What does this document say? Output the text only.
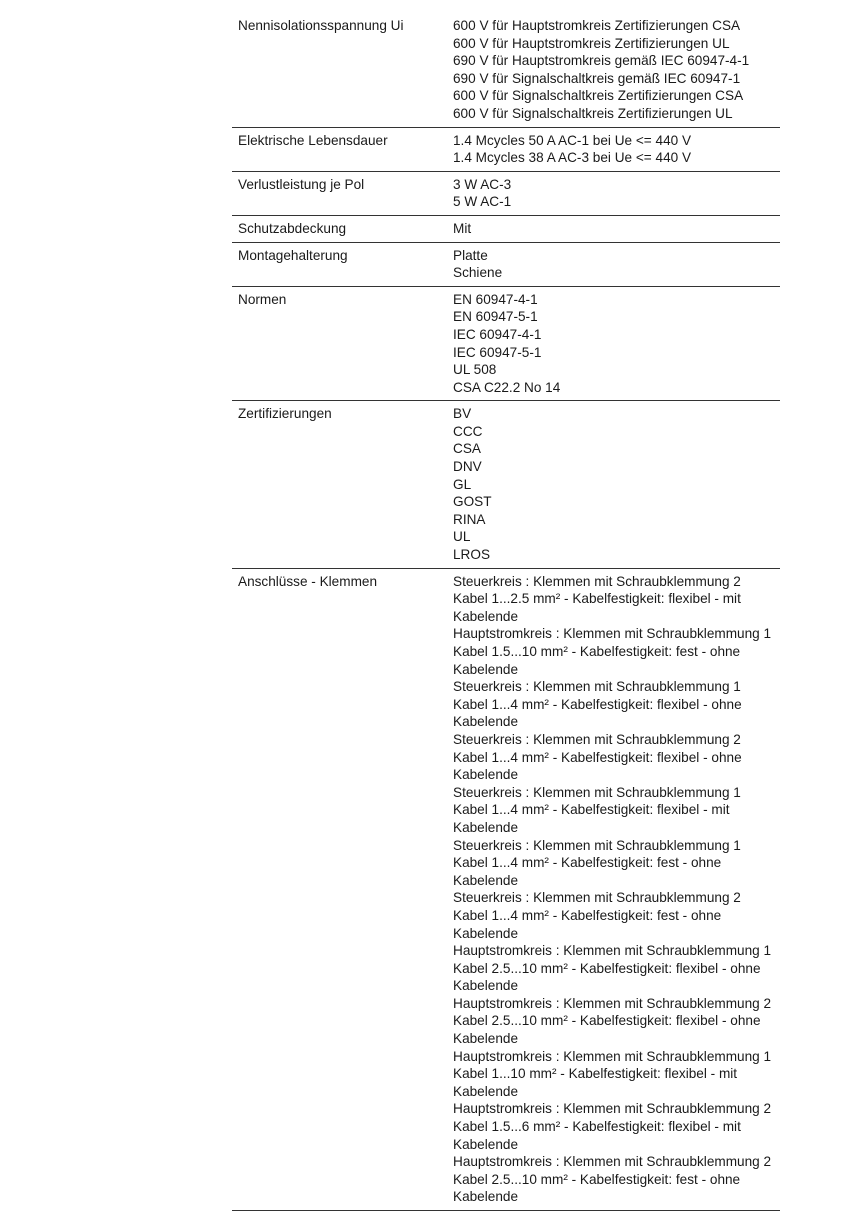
Nennisolationsspannung Ui	600 V für Hauptstromkreis Zertifizierungen CSA
600 V für Hauptstromkreis Zertifizierungen UL
690 V für Hauptstromkreis gemäß IEC 60947-4-1
690 V für Signalschaltkreis gemäß IEC 60947-1
600 V für Signalschaltkreis Zertifizierungen CSA
600 V für Signalschaltkreis Zertifizierungen UL
Elektrische Lebensdauer	1.4 Mcycles 50 A AC-1 bei Ue <= 440 V
1.4 Mcycles 38 A AC-3 bei Ue <= 440 V
Verlustleistung je Pol	3 W AC-3
5 W AC-1
Schutzabdeckung	Mit
Montagehalterung	Platte
Schiene
Normen	EN 60947-4-1
EN 60947-5-1
IEC 60947-4-1
IEC 60947-5-1
UL 508
CSA C22.2 No 14
Zertifizierungen	BV
CCC
CSA
DNV
GL
GOST
RINA
UL
LROS
Anschlüsse - Klemmen	Steuerkreis : Klemmen mit Schraubklemmung 2 Kabel 1...2.5 mm² - Kabelfestigkeit: flexibel - mit Kabelende
Hauptstromkreis : Klemmen mit Schraubklemmung 1 Kabel 1.5...10 mm² - Kabelfestigkeit: fest - ohne Kabelende
Steuerkreis : Klemmen mit Schraubklemmung 1 Kabel 1...4 mm² - Kabelfestigkeit: flexibel - ohne Kabelende
Steuerkreis : Klemmen mit Schraubklemmung 2 Kabel 1...4 mm² - Kabelfestigkeit: flexibel - ohne Kabelende
Steuerkreis : Klemmen mit Schraubklemmung 1 Kabel 1...4 mm² - Kabelfestigkeit: flexibel - mit Kabelende
Steuerkreis : Klemmen mit Schraubklemmung 1 Kabel 1...4 mm² - Kabelfestigkeit: fest - ohne Kabelende
Steuerkreis : Klemmen mit Schraubklemmung 2 Kabel 1...4 mm² - Kabelfestigkeit: fest - ohne Kabelende
Hauptstromkreis : Klemmen mit Schraubklemmung 1 Kabel 2.5...10 mm² - Kabelfestigkeit: flexibel - ohne Kabelende
Hauptstromkreis : Klemmen mit Schraubklemmung 2 Kabel 2.5...10 mm² - Kabelfestigkeit: flexibel - ohne Kabelende
Hauptstromkreis : Klemmen mit Schraubklemmung 1 Kabel 1...10 mm² - Kabelfestigkeit: flexibel - mit Kabelende
Hauptstromkreis : Klemmen mit Schraubklemmung 2 Kabel 1.5...6 mm² - Kabelfestigkeit: flexibel - mit Kabelende
Hauptstromkreis : Klemmen mit Schraubklemmung 2 Kabel 2.5...10 mm² - Kabelfestigkeit: fest - ohne Kabelende
